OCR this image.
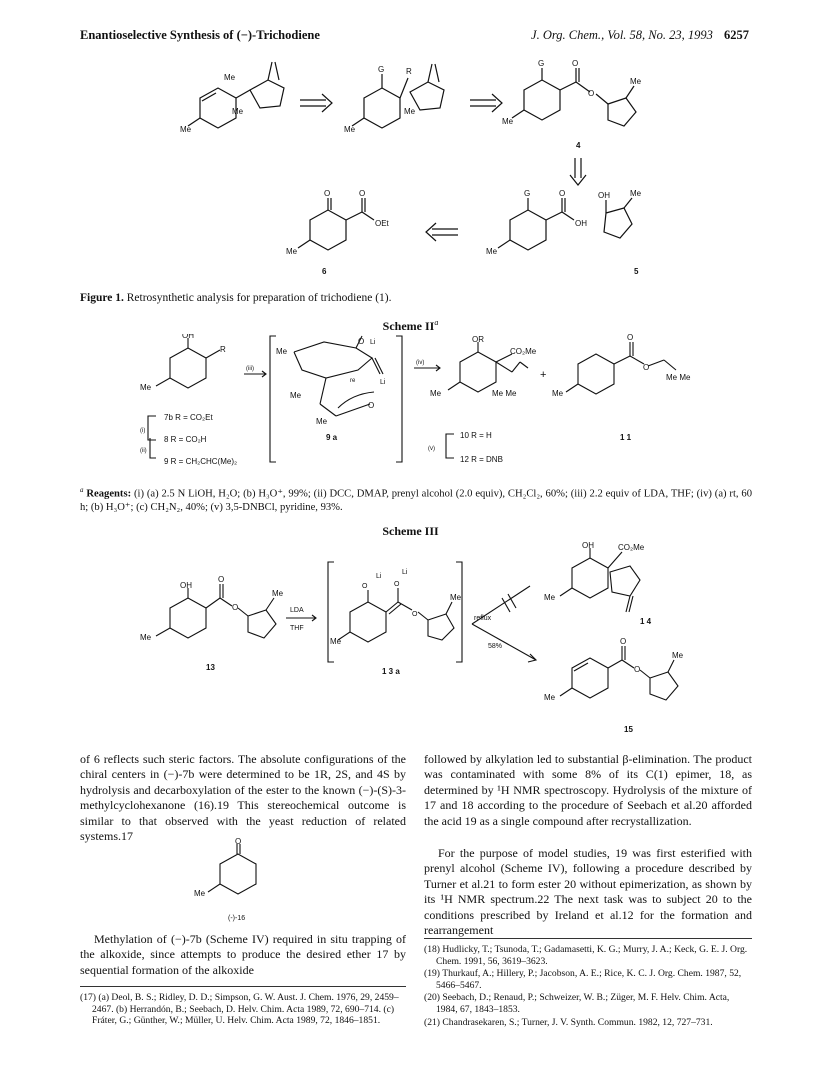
Enantioselective Synthesis of (−)-Trichodiene	J. Org. Chem., Vol. 58, No. 23, 1993 6257
Me
Me
Me
G	R
Me
Me
G	O
O
Me
Me
4
O	O
OEt
Me
6
G	O
OH
OH	Me
Me
5
Figure 1. Retrosynthetic analysis for preparation of trichodiene (1).
Scheme $II^a$
OH
R
Me
(iii)
Me
O Li
Li
re
Me
Me
O
(iv)
OR
CO₂Me
Me	Me Me
+
O
O
Me
Me Me
(i)
(ii)
7b R = CO₂Et
8 R = CO₂H
9 R = CH₂CHC(Me)₂
9 a
(v)
10 R = H
12 R = DNB
1 1
$^a$ Reagents: (i) (a) 2.5 N LiOH, H₂O; (b) H₃O⁺, 99%; (ii) DCC, DMAP, prenyl alcohol (2.0 equiv), CH₂Cl₂, 60%; (iii) 2.2 equiv of LDA, THF; (iv) (a) rt, 60 h; (b) H₃O⁺; (c) CH₂N₂, 40%; (v) 3,5-DNBCl, pyridine, 93%.
Scheme III
OH
O
O
Me
Me
13
LDA
THF
O
Li
Li
O
O
Me
Me
1 3 a
reflux
58%
OH	CO₂Me
Me
1 4
O
O
Me
Me
15
of 6 reflects such steric factors. The absolute configurations of the chiral centers in (−)-7b were determined to be 1R, 2S, and 4S by hydrolysis and decarboxylation of the ester to the known (−)-(S)-3-methylcyclohexanone (16).19 This stereochemical outcome is similar to that observed with the yeast reduction of related systems.17	O
Me
(-)-16
Methylation of (−)-7b (Scheme IV) required in situ trapping of the alkoxide, since attempts to produce the desired ether 17 by sequential formation of the alkoxide
(17) (a) Deol, B. S.; Ridley, D. D.; Simpson, G. W. Aust. J. Chem. 1976, 29, 2459–2467. (b) Herrandón, B.; Seebach, D. Helv. Chim. Acta 1989, 72, 690–714. (c) Fráter, G.; Günther, W.; Müller, U. Helv. Chim. Acta 1989, 72, 1846–1851.
followed by alkylation led to substantial β-elimination. The product was contaminated with some 8% of its C(1) epimer, 18, as determined by ¹H NMR spectroscopy. Hydrolysis of the mixture of 17 and 18 according to the procedure of Seebach et al.20 afforded the acid 19 as a single compound after recrystallization.
For the purpose of model studies, 19 was first esterified with prenyl alcohol (Scheme IV), following a procedure described by Turner et al.21 to form ester 20 without epimerization, as shown by its ¹H NMR spectrum.22 The next task was to subject 20 to the conditions prescribed by Ireland et al.12 for the formation and rearrangement
(18) Hudlicky, T.; Tsunoda, T.; Gadamasetti, K. G.; Murry, J. A.; Keck, G. E. J. Org. Chem. 1991, 56, 3619–3623.
(19) Thurkauf, A.; Hillery, P.; Jacobson, A. E.; Rice, K. C. J. Org. Chem. 1987, 52, 5466–5467.
(20) Seebach, D.; Renaud, P.; Schweizer, W. B.; Züger, M. F. Helv. Chim. Acta, 1984, 67, 1843–1853.
(21) Chandrasekaren, S.; Turner, J. V. Synth. Commun. 1982, 12, 727–731.
